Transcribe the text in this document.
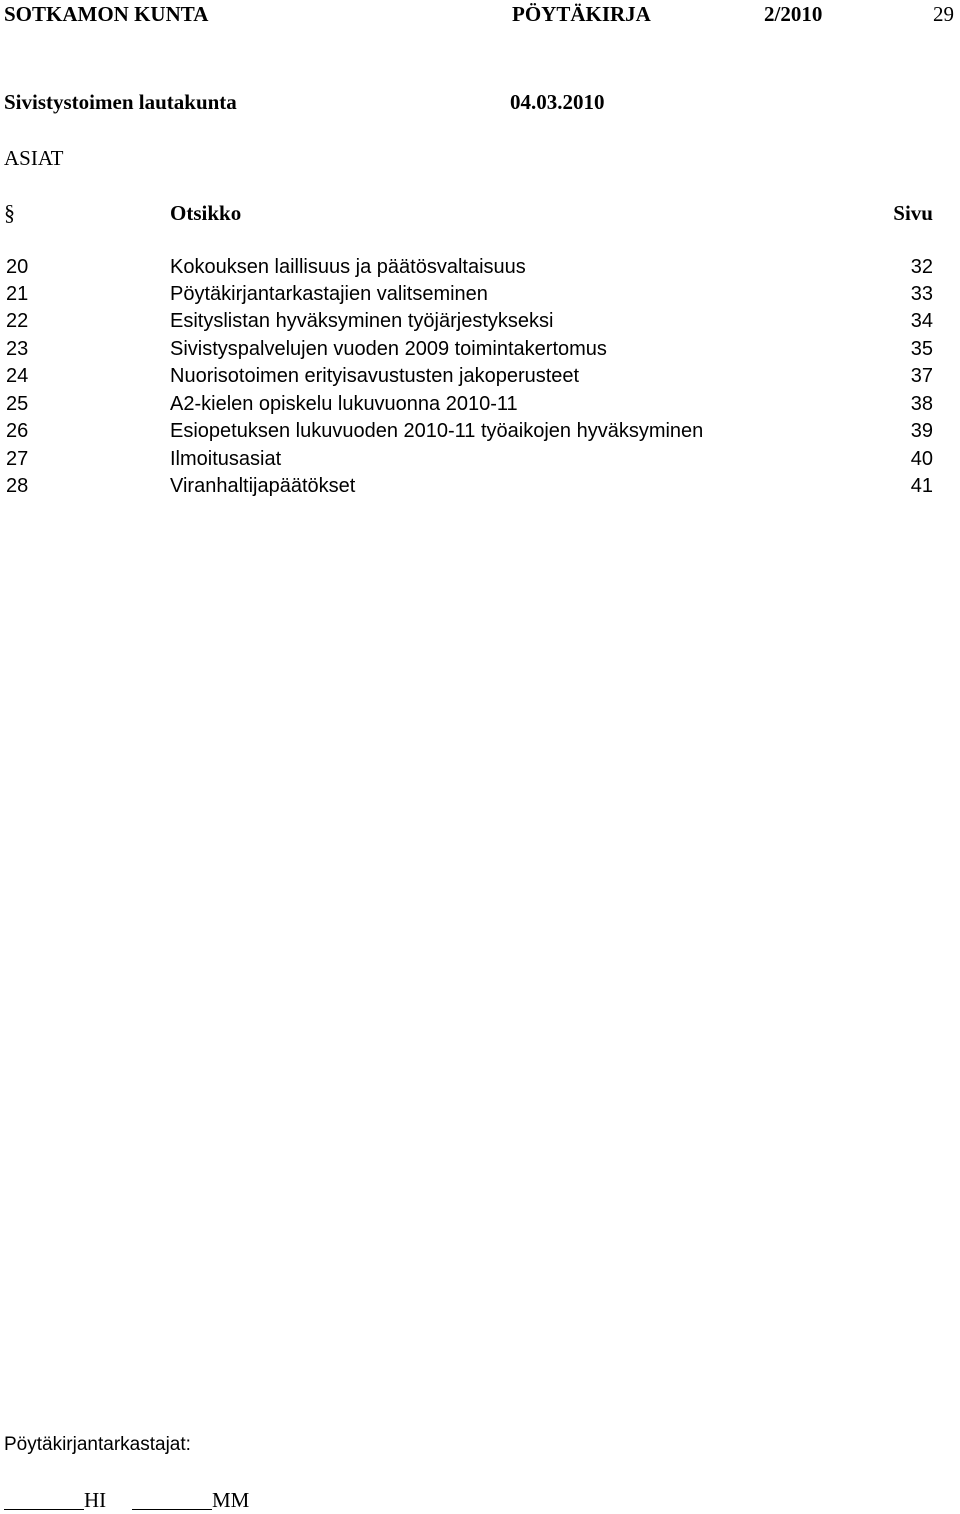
SOTKAMON KUNTA	PÖYTÄKIRJA	2/2010	29
Sivistystoimen lautakunta	04.03.2010
ASIAT
§	Otsikko	Sivu
20	Kokouksen laillisuus ja päätösvaltaisuus	32
21	Pöytäkirjantarkastajien valitseminen	33
22	Esityslistan hyväksyminen työjärjestykseksi	34
23	Sivistyspalvelujen vuoden 2009 toimintakertomus	35
24	Nuorisotoimen erityisavustusten jakoperusteet	37
25	A2-kielen opiskelu lukuvuonna 2010-11	38
26	Esiopetuksen lukuvuoden 2010-11 työaikojen hyväksyminen	39
27	Ilmoitusasiat	40
28	Viranhaltijapäätökset	41
Pöytäkirjantarkastajat:
HI	MM
